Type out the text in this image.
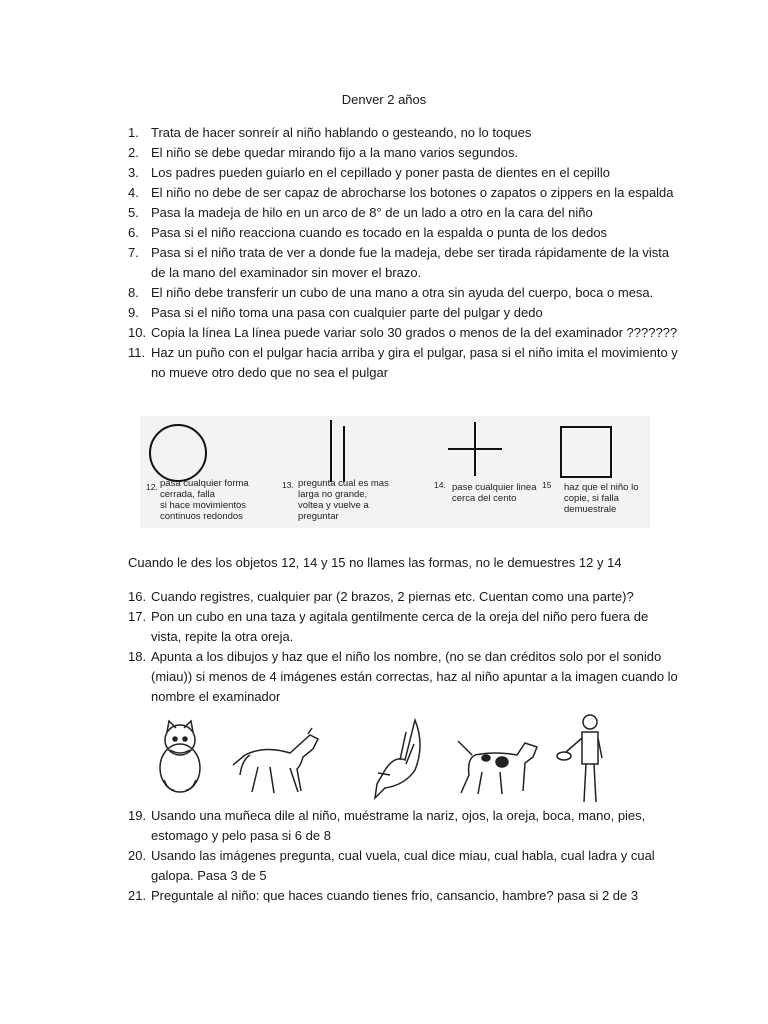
Denver 2 años
1. Trata de hacer sonreír al niño hablando o gesteando, no lo toques
2. El niño se debe quedar mirando fijo a la mano varios segundos.
3. Los padres pueden guiarlo en el cepillado y poner pasta de dientes en el cepillo
4. El niño no debe de ser capaz de abrocharse los botones o zapatos o zippers en la espalda
5. Pasa la madeja de hilo en un arco de 8° de un lado a otro en la cara del niño
6. Pasa si el niño reacciona cuando es tocado en la espalda o punta de los dedos
7. Pasa si el niño trata de ver a donde fue la madeja, debe ser tirada rápidamente de la vista de la mano del examinador sin mover el brazo.
8. El niño debe transferir un cubo de una mano a otra sin ayuda del cuerpo, boca o mesa.
9. Pasa si el niño toma una pasa con cualquier parte del pulgar y dedo
10. Copia la línea La línea puede variar solo 30 grados o menos de la del examinador ???????
11. Haz un puño con el pulgar hacia arriba y gira el pulgar, pasa si el niño imita el movimiento y no mueve otro dedo que no sea el pulgar
12. pasa cualquier forma
cerrada, falla
si hace movimientos
continuos redondos
13. pregunta cual es mas
larga no grande,
voltea y vuelve a
preguntar
14. pase cualquier linea
cerca del cento
15 haz que el niño lo
copie, si falla
demuestrale
Cuando le des los objetos 12, 14 y 15 no llames las formas, no le demuestres 12 y 14
16. Cuando registres, cualquier par (2 brazos, 2 piernas etc. Cuentan como una parte)?
17. Pon un cubo en una taza y agitala gentilmente cerca de la oreja del niño pero fuera de vista, repite la otra oreja.
18. Apunta a los dibujos y haz que el niño los nombre, (no se dan créditos solo por el sonido (miau)) si menos de 4 imágenes están correctas, haz al niño apuntar a la imagen cuando lo nombre el examinador
19. Usando una muñeca dile al niño, muéstrame la nariz, ojos, la oreja, boca, mano, pies, estomago y pelo pasa si 6 de 8
20. Usando las imágenes pregunta, cual vuela, cual dice miau, cual habla, cual ladra y cual galopa. Pasa 3 de 5
21. Preguntale al niño: que haces cuando tienes frio, cansancio, hambre? pasa si 2 de 3
